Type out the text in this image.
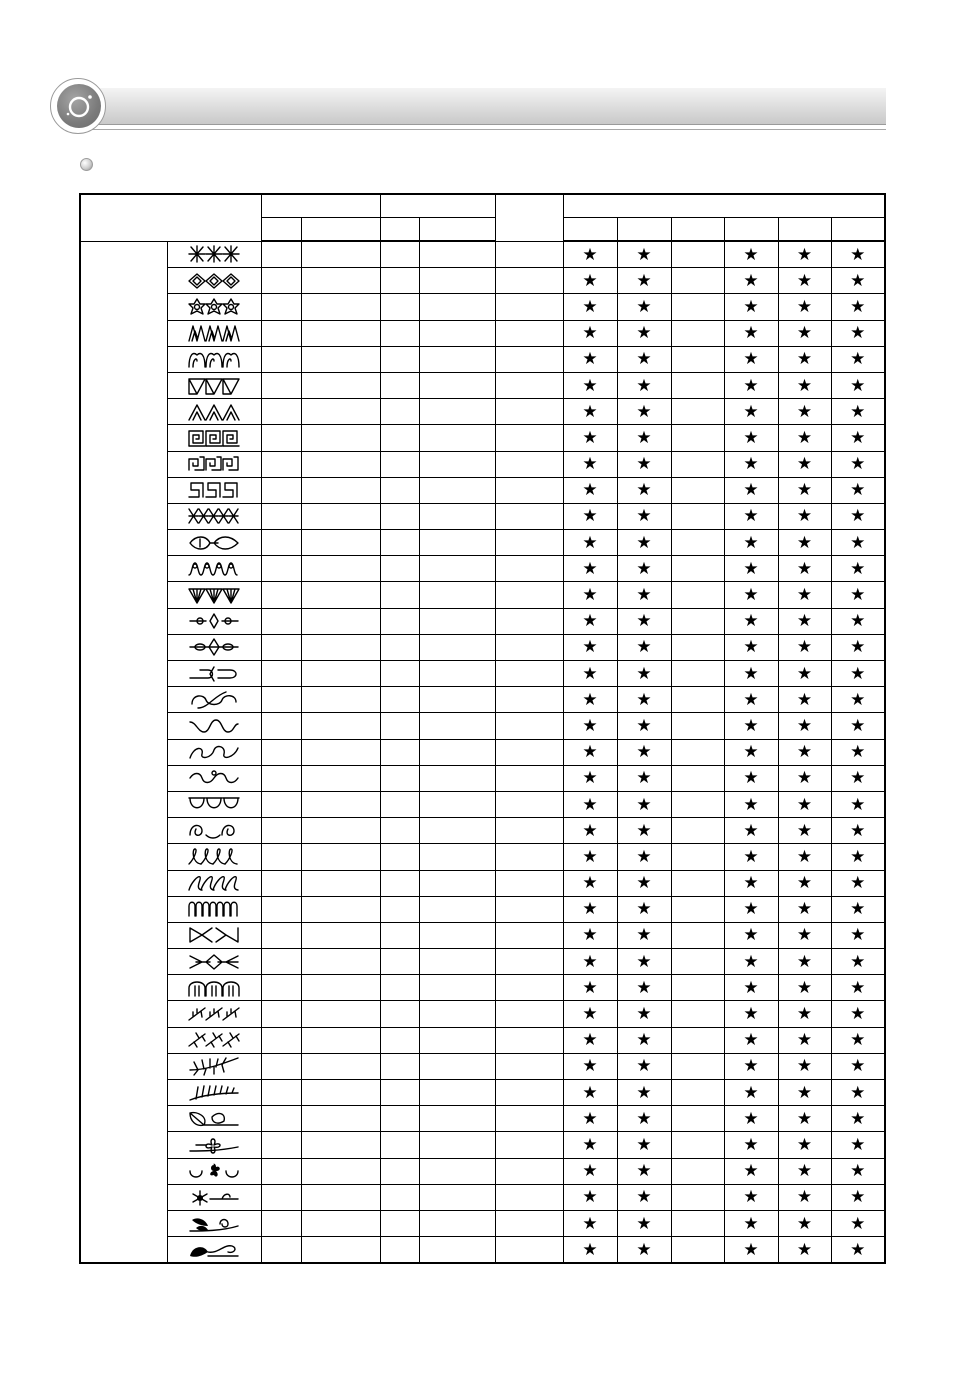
						★	★		★	★	★

						★	★		★	★	★

						★	★		★	★	★

						★	★		★	★	★

						★	★		★	★	★

						★	★		★	★	★

						★	★		★	★	★

						★	★		★	★	★

						★	★		★	★	★

						★	★		★	★	★

						★	★		★	★	★

						★	★		★	★	★

						★	★		★	★	★

						★	★		★	★	★

						★	★		★	★	★

						★	★		★	★	★

						★	★		★	★	★

						★	★		★	★	★

						★	★		★	★	★

						★	★		★	★	★

						★	★		★	★	★

						★	★		★	★	★

						★	★		★	★	★

						★	★		★	★	★

						★	★		★	★	★

						★	★		★	★	★

						★	★		★	★	★

						★	★		★	★	★

						★	★		★	★	★

						★	★		★	★	★

						★	★		★	★	★

						★	★		★	★	★

						★	★		★	★	★

						★	★		★	★	★

						★	★		★	★	★

						★	★		★	★	★

						★	★		★	★	★

						★	★		★	★	★

						★	★		★	★	★
